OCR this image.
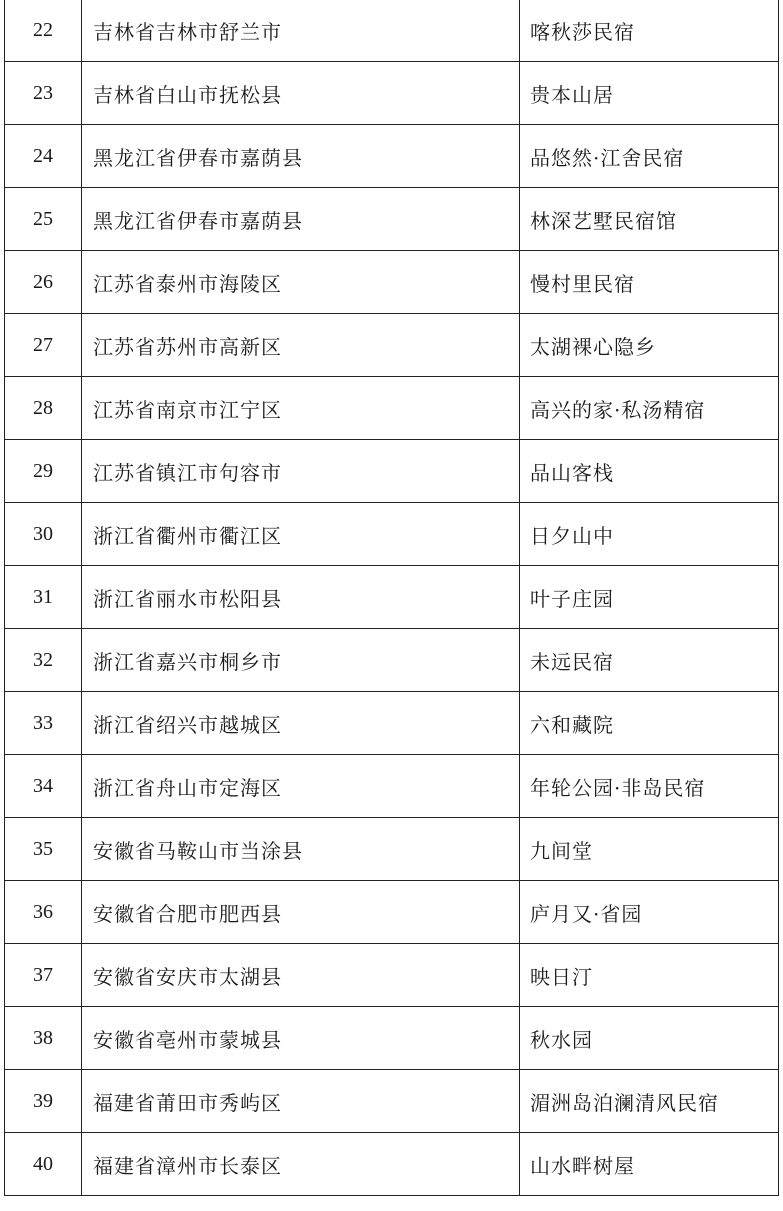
22	吉林省吉林市舒兰市	喀秋莎民宿
23	吉林省白山市抚松县	贵本山居
24	黑龙江省伊春市嘉荫县	品悠然·江舍民宿
25	黑龙江省伊春市嘉荫县	林深艺墅民宿馆
26	江苏省泰州市海陵区	慢村里民宿
27	江苏省苏州市高新区	太湖裸心隐乡
28	江苏省南京市江宁区	高兴的家·私汤精宿
29	江苏省镇江市句容市	品山客栈
30	浙江省衢州市衢江区	日夕山中
31	浙江省丽水市松阳县	叶子庄园
32	浙江省嘉兴市桐乡市	未远民宿
33	浙江省绍兴市越城区	六和藏院
34	浙江省舟山市定海区	年轮公园·非岛民宿
35	安徽省马鞍山市当涂县	九间堂
36	安徽省合肥市肥西县	庐月又·省园
37	安徽省安庆市太湖县	映日汀
38	安徽省亳州市蒙城县	秋水园
39	福建省莆田市秀屿区	湄洲岛泊澜清风民宿
40	福建省漳州市长泰区	山水畔树屋
